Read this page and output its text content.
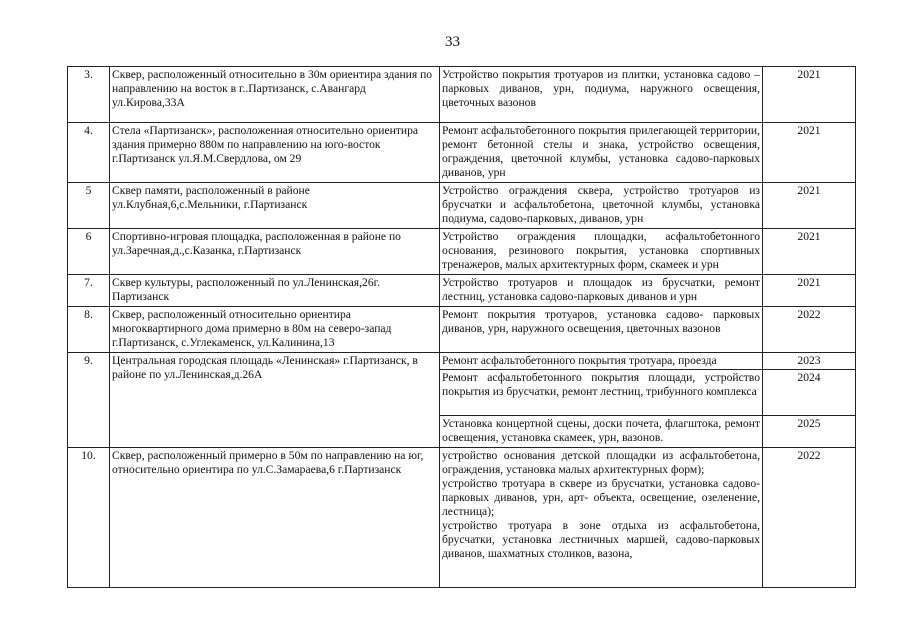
33
3.	Сквер, расположенный относительно в 30м ориентира здания по направлению на восток в г..Партизанск, с.Авангард ул.Кирова,33А	Устройство покрытия тротуаров из плитки, установка садово – парковых диванов, урн, подиума, наружного освещения, цветочных вазонов	2021
4.	Стела «Партизанск», расположенная относительно ориентира здания примерно 880м по направлению на юго-восток г.Партизанск ул.Я.М.Свердлова, ом 29	Ремонт асфальтобетонного покрытия прилегающей территории, ремонт бетонной стелы и знака, устройство освещения, ограждения, цветочной клумбы, установка садово-парковых диванов, урн	2021
5	Сквер памяти, расположенный в районе ул.Клубная,6,с.Мельники, г.Партизанск	Устройство ограждения сквера, устройство тротуаров из брусчатки и асфальтобетона, цветочной клумбы, установка подиума, садово-парковых, диванов, урн	2021
6	Спортивно-игровая площадка, расположенная в районе по ул.Заречная,д.,с.Казанка, г.Партизанск	Устройство ограждения площадки, асфальтобетонного основания, резинового покрытия, установка спортивных тренажеров, малых архитектурных форм, скамеек и урн	2021
7.	Сквер культуры, расположенный по ул.Ленинская,26г. Партизанск	Устройство тротуаров и площадок из брусчатки, ремонт лестниц, установка садово-парковых диванов и урн	2021
8.	Сквер, расположенный относительно ориентира многоквартирного дома примерно в 80м на северо-запад г.Партизанск, с.Углекаменск, ул.Калинина,13	Ремонт покрытия тротуаров, установка садово- парковых диванов, урн, наружного освещения, цветочных вазонов	2022
9.	Центральная городская площадь «Ленинская» г.Партизанск, в районе по ул.Ленинская,д.26А	Ремонт асфальтобетонного покрытия тротуара, проезда	2023
		Ремонт асфальтобетонного покрытия площади, устройство покрытия из брусчатки, ремонт лестниц, трибунного комплекса	2024
		Установка концертной сцены, доски почета, флагштока, ремонт освещения, установка скамеек, урн, вазонов.	2025
10.	Сквер, расположенный примерно в 50м по направлению на юг, относительно ориентира по ул.С.Замараева,6 г.Партизанск	устройство основания детской площадки из асфальтобетона, ограждения, установка малых архитектурных форм);
устройство тротуара в сквере из брусчатки, установка садово-парковых диванов, урн, арт- объекта, освещение, озеленение, лестница);
устройство тротуара в зоне отдыха из асфальтобетона, брусчатки, установка лестничных маршей, садово-парковых диванов, шахматных столиков, вазона,	2022
